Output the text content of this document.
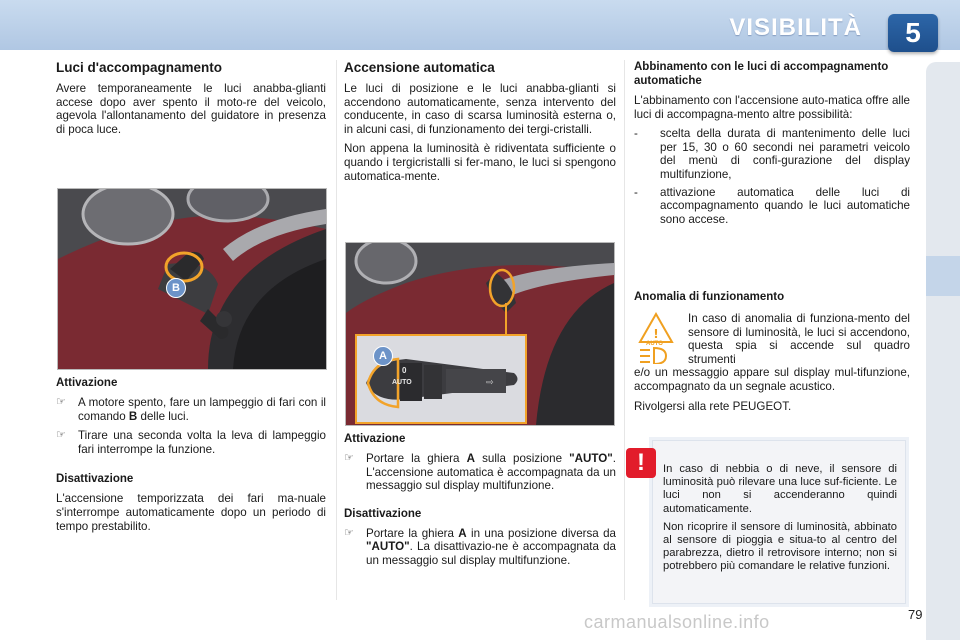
VISIBILITÀ	5
Luci d'accompagnamento

Avere temporaneamente le luci anabba-glianti accese dopo aver spento il moto-re del veicolo, agevola l'allontanamento del guidatore in presenza di poca luce.

B
Attivazione
☞	A motore spento, fare un lampeggio di fari con il comando B delle luci.
☞	Tirare una seconda volta la leva di lampeggio fari interrompe la funzione.
Disattivazione

L'accensione temporizzata dei fari ma-nuale s'interrompe automaticamente dopo un periodo di tempo prestabilito.

Accensione automatica

Le luci di posizione e le luci anabba-glianti si accendono automaticamente, senza intervento del conducente, in caso di scarsa luminosità esterna o, in alcuni casi, di funzionamento dei tergi-cristalli.

Non appena la luminosità è ridiventata sufficiente o quando i tergicristalli si fer-mano, le luci si spengono automatica-mente.

⇨
A
0
AUTO
Attivazione
☞	Portare la ghiera A sulla posizione "AUTO". L'accensione automatica è accompagnata da un messaggio sul display multifunzione.
Disattivazione
☞	Portare la ghiera A in una posizione diversa da "AUTO". La disattivazio-ne è accompagnata da un messaggio sul display multifunzione.
Abbinamento con le luci di accompagnamento automatiche

L'abbinamento con l'accensione auto-matica offre alle luci di accompagna-mento altre possibilità:

-	scelta della durata di mantenimento delle luci per 15, 30 o 60 secondi nei parametri veicolo del menù di confi-gurazione del display multifunzione,
-	attivazione automatica delle luci di accompagnamento quando le luci automatiche sono accese.
Anomalia di funzionamento

In caso di anomalia di funziona-mento del sensore di luminosità, le luci si accendono, questa spia si accende sul quadro strumenti

e/o un messaggio appare sul display mul-tifunzione, accompagnato da un segnale acustico.

Rivolgersi alla rete PEUGEOT.

!
AUTO

In caso di nebbia o di neve, il sensore di luminosità può rilevare una luce suf-ficiente. Le luci non si accenderanno quindi automaticamente.

Non ricoprire il sensore di luminosità, abbinato al sensore di pioggia e situa-to al centro del parabrezza, dietro il retrovisore interno; non si potrebbero più comandare le relative funzioni.

!
carmanualsonline.info	79
